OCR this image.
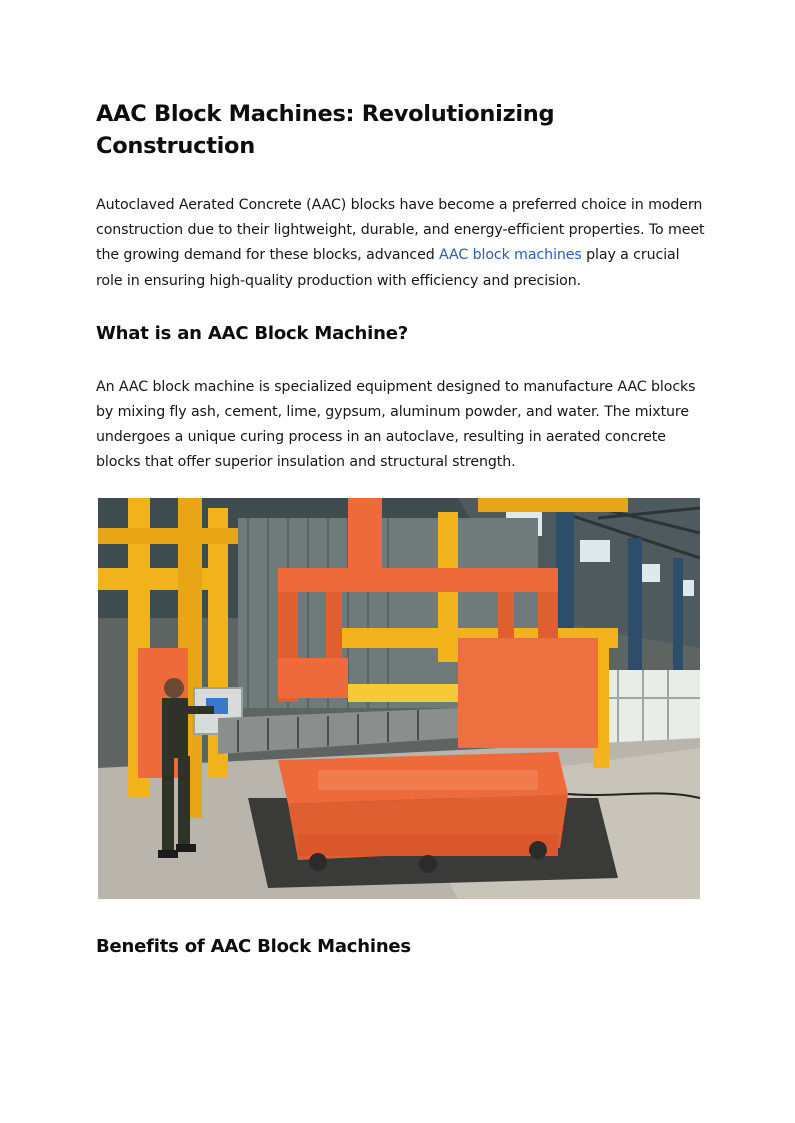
AAC Block Machines: Revolutionizing Construction

Autoclaved Aerated Concrete (AAC) blocks have become a preferred choice in modern construction due to their lightweight, durable, and energy-efficient properties. To meet the growing demand for these blocks, advanced AAC block machines play a crucial role in ensuring high-quality production with efficiency and precision.

What is an AAC Block Machine?

An AAC block machine is specialized equipment designed to manufacture AAC blocks by mixing fly ash, cement, lime, gypsum, aluminum powder, and water. The mixture undergoes a unique curing process in an autoclave, resulting in aerated concrete blocks that offer superior insulation and structural strength.

Benefits of AAC Block Machines
